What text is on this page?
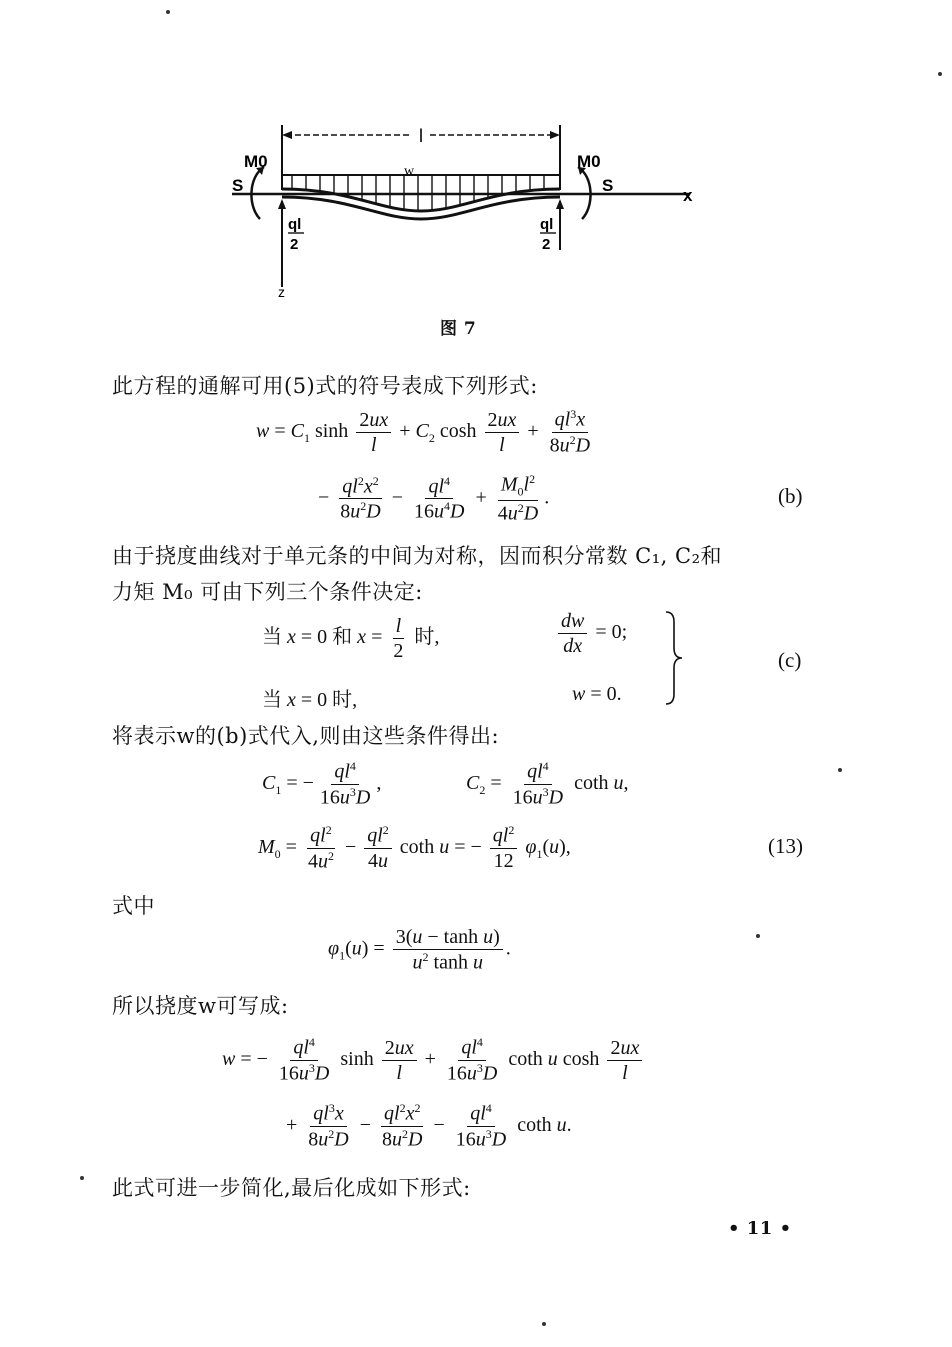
l
x
w
M0	M0
S	S
z
ql
2
ql
2
图 7
此方程的通解可用(5)式的符号表成下列形式:
$w = C_1$ $\sinh \frac{2ux}{l} + C_2$ $\cosh \frac{2ux}{l} + \frac{ql^3x}{8u^2D}$
− $\frac{ql^2x^2}{8u^2D} - \frac{ql^4}{16u^4D} + \frac{M_0l^2}{4u^2D}$ .	(b)
由于挠度曲线对于单元条的中间为对称，因而积分常数 C₁, C₂和
力矩 M₀ 可由下列三个条件决定:
当 x = 0 和 $x = \frac{l}{2}$ 时,	$\frac{dw}{dx} = 0$;
当 x = 0 时,	w = 0.
(c)
将表示w的(b)式代入,则由这些条件得出:
$C_1$ = − $\frac{ql^4}{16u^3D}$ ,	$C_2 = \frac{ql^4}{16u^3D}$ coth u,
$M_0 = \frac{ql^2}{4u^2} - \frac{ql^2}{4u}$ coth u = − $\frac{ql^2}{12} \varphi_1(u)$,	(13)
式中
$\varphi_1(u) = \frac{\text{3(u − tanh u)}}{u^2 \tanh u}$ .
所以挠度w可写成:
w = − $\frac{ql^4}{16u^3D}$ $\sinh \frac{2ux}{l} + \frac{ql^4}{16u^3D}$ coth u $\cosh \frac{2ux}{l}$
+ $\frac{ql^3x}{8u^2D} - \frac{ql^2x^2}{8u^2D} - \frac{ql^4}{16u^3D}$ coth u.
此式可进一步简化,最后化成如下形式:
• 11 •
